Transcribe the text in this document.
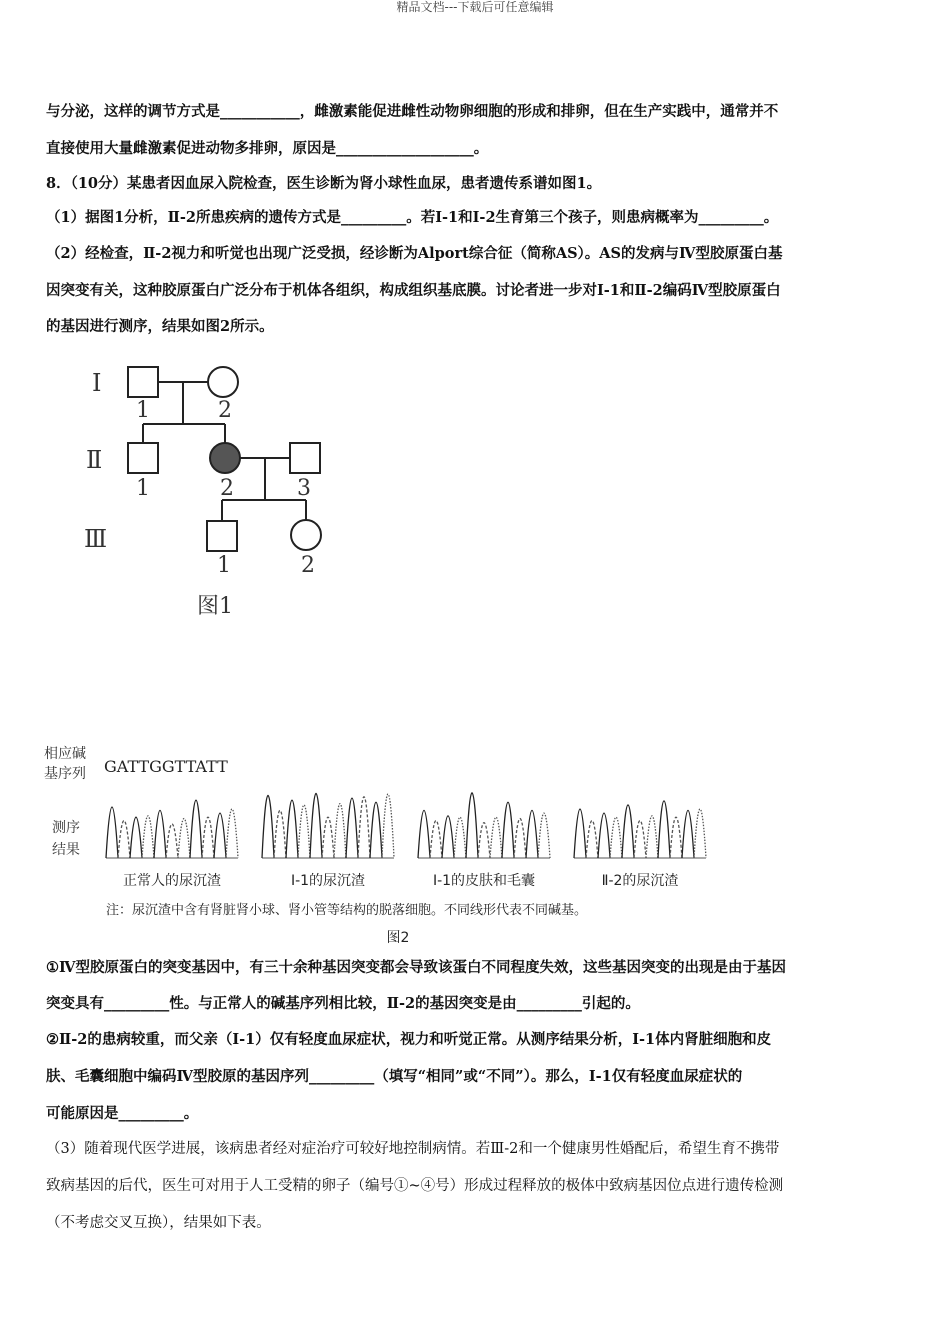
精品文档---下载后可任意编辑
与分泌，这样的调节方式是___________，雌激素能促进雌性动物卵细胞的形成和排卵，但在生产实践中，通常并不
直接使用大量雌激素促进动物多排卵，原因是___________________。
8．（10分）某患者因血尿入院检查，医生诊断为肾小球性血尿，患者遗传系谱如图1。
（1）据图1分析，Ⅱ-2所患疾病的遗传方式是_________。若Ⅰ-1和Ⅰ-2生育第三个孩子，则患病概率为_________。
（2）经检查，Ⅱ-2视力和听觉也出现广泛受损，经诊断为Alport综合征（简称AS）。AS的发病与Ⅳ型胶原蛋白基
因突变有关，这种胶原蛋白广泛分布于机体各组织，构成组织基底膜。讨论者进一步对Ⅰ-1和Ⅱ-2编码Ⅳ型胶原蛋白
的基因进行测序，结果如图2所示。
Ⅰ
Ⅱ
Ⅲ
1	2
1	2	3
1	2
图1
相应碱
基序列
测序
结果
GATTGGTTATT
正常人的尿沉渣	Ⅰ-1的尿沉渣	Ⅰ-1的皮肤和毛囊	Ⅱ-2的尿沉渣
注：尿沉渣中含有肾脏肾小球、肾小管等结构的脱落细胞。不同线形代表不同碱基。
图2
①Ⅳ型胶原蛋白的突变基因中，有三十余种基因突变都会导致该蛋白不同程度失效，这些基因突变的出现是由于基因
突变具有_________性。与正常人的碱基序列相比较，Ⅱ-2的基因突变是由_________引起的。
②Ⅱ-2的患病较重，而父亲（Ⅰ-1）仅有轻度血尿症状，视力和听觉正常。从测序结果分析，Ⅰ-1体内肾脏细胞和皮
肤、毛囊细胞中编码Ⅳ型胶原的基因序列_________（填写“相同”或“不同”）。那么，Ⅰ-1仅有轻度血尿症状的
可能原因是_________。
（3）随着现代医学进展，该病患者经对症治疗可较好地控制病情。若Ⅲ-2和一个健康男性婚配后，希望生育不携带
致病基因的后代，医生可对用于人工受精的卵子（编号①~④号）形成过程释放的极体中致病基因位点进行遗传检测
（不考虑交叉互换），结果如下表。
